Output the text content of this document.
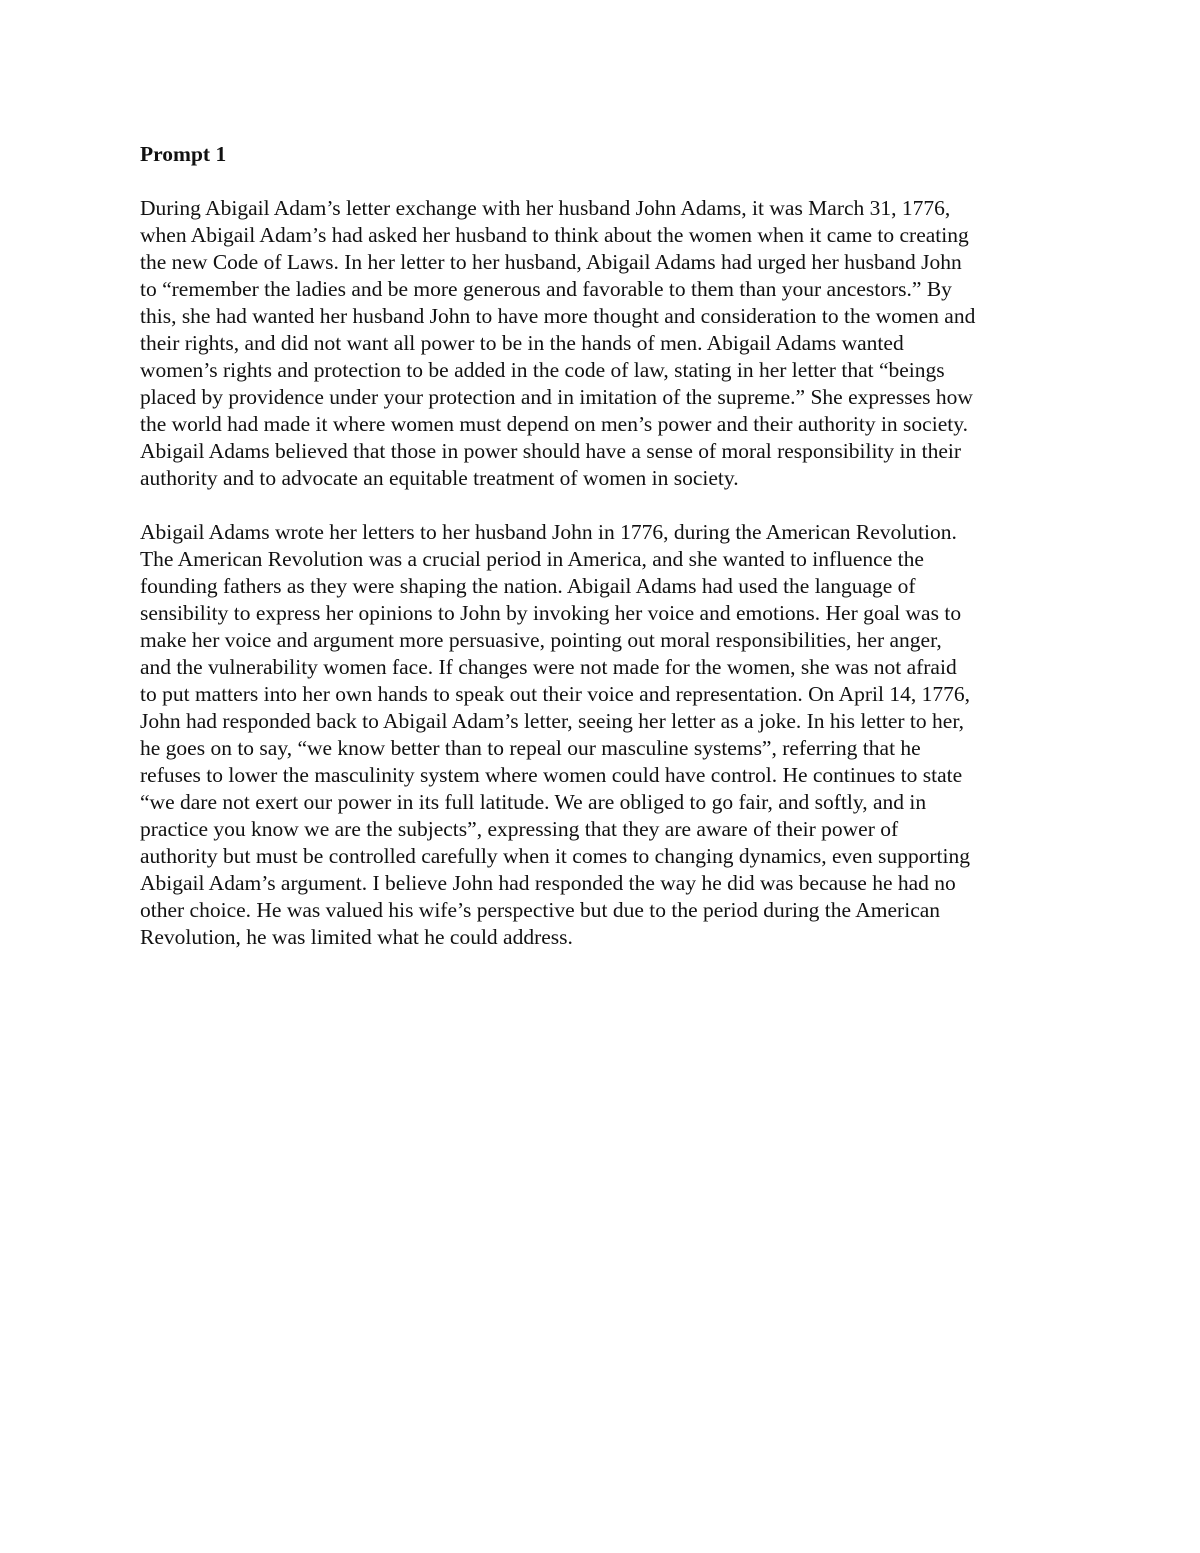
Prompt 1
During Abigail Adam’s letter exchange with her husband John Adams, it was March 31, 1776,
when Abigail Adam’s had asked her husband to think about the women when it came to creating
the new Code of Laws. In her letter to her husband, Abigail Adams had urged her husband John
to “remember the ladies and be more generous and favorable to them than your ancestors.” By
this, she had wanted her husband John to have more thought and consideration to the women and
their rights, and did not want all power to be in the hands of men. Abigail Adams wanted
women’s rights and protection to be added in the code of law, stating in her letter that “beings
placed by providence under your protection and in imitation of the supreme.” She expresses how
the world had made it where women must depend on men’s power and their authority in society.
Abigail Adams believed that those in power should have a sense of moral responsibility in their
authority and to advocate an equitable treatment of women in society.
Abigail Adams wrote her letters to her husband John in 1776, during the American Revolution.
The American Revolution was a crucial period in America, and she wanted to influence the
founding fathers as they were shaping the nation. Abigail Adams had used the language of
sensibility to express her opinions to John by invoking her voice and emotions. Her goal was to
make her voice and argument more persuasive, pointing out moral responsibilities, her anger,
and the vulnerability women face. If changes were not made for the women, she was not afraid
to put matters into her own hands to speak out their voice and representation. On April 14, 1776,
John had responded back to Abigail Adam’s letter, seeing her letter as a joke. In his letter to her,
he goes on to say, “we know better than to repeal our masculine systems”, referring that he
refuses to lower the masculinity system where women could have control. He continues to state
“we dare not exert our power in its full latitude. We are obliged to go fair, and softly, and in
practice you know we are the subjects”, expressing that they are aware of their power of
authority but must be controlled carefully when it comes to changing dynamics, even supporting
Abigail Adam’s argument. I believe John had responded the way he did was because he had no
other choice. He was valued his wife’s perspective but due to the period during the American
Revolution, he was limited what he could address.
